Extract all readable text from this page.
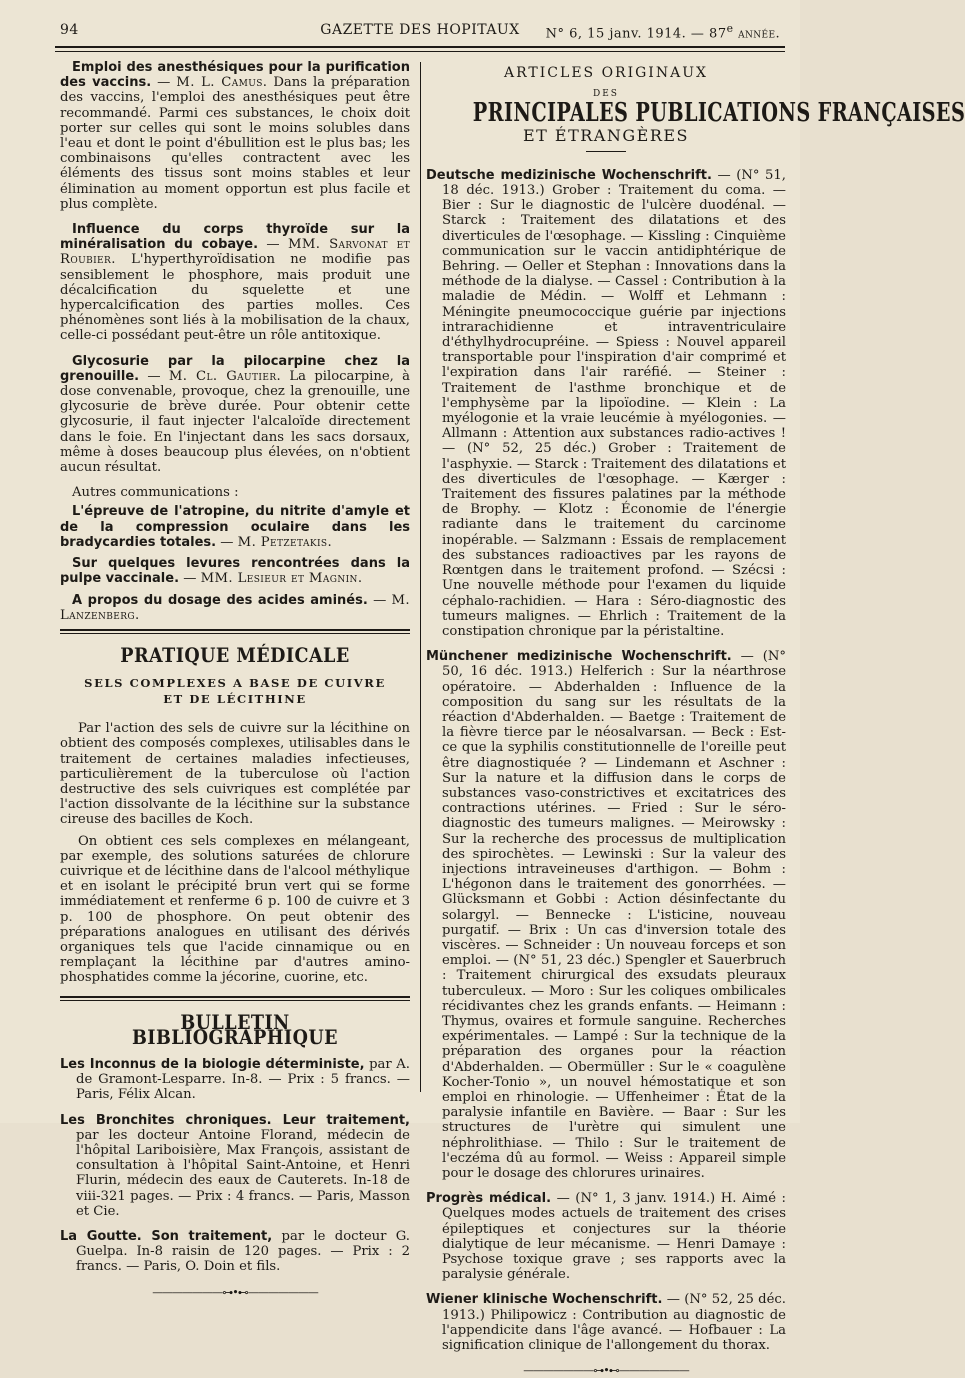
94	GAZETTE DES HOPITAUX	N° 6, 15 janv. 1914. — 87e année.

Emploi des anesthésiques pour la purification des vaccins. — M. L. Camus. Dans la préparation des vaccins, l'emploi des anesthésiques peut être recommandé. Parmi ces substances, le choix doit porter sur celles qui sont le moins solubles dans l'eau et dont le point d'ébullition est le plus bas; les combinaisons qu'elles contractent avec les éléments des tissus sont moins stables et leur élimination au moment opportun est plus facile et plus complète.

Influence du corps thyroïde sur la minéralisation du cobaye. — MM. Sarvonat et Roubier. L'hyperthyroïdisation ne modifie pas sensiblement le phosphore, mais produit une décalcification du squelette et une hypercalcification des parties molles. Ces phénomènes sont liés à la mobilisation de la chaux, celle-ci possédant peut-être un rôle antitoxique.

Glycosurie par la pilocarpine chez la grenouille. — M. Cl. Gautier. La pilocarpine, à dose convenable, provoque, chez la grenouille, une glycosurie de brève durée. Pour obtenir cette glycosurie, il faut injecter l'alcaloïde directement dans le foie. En l'injectant dans les sacs dorsaux, même à doses beaucoup plus élevées, on n'obtient aucun résultat.

Autres communications :

L'épreuve de l'atropine, du nitrite d'amyle et de la compression oculaire dans les bradycardies totales. — M. Petzetakis.

Sur quelques levures rencontrées dans la pulpe vaccinale. — MM. Lesieur et Magnin.

A propos du dosage des acides aminés. — M. Lanzenberg.

PRATIQUE MÉDICALE
SELS COMPLEXES A BASE DE CUIVRE
ET DE LÉCITHINE

Par l'action des sels de cuivre sur la lécithine on obtient des composés complexes, utilisables dans le traitement de certaines maladies infectieuses, particulièrement de la tuberculose où l'action destructive des sels cuivriques est complétée par l'action dissolvante de la lécithine sur la substance cireuse des bacilles de Koch.

On obtient ces sels complexes en mélangeant, par exemple, des solutions saturées de chlorure cuivrique et de lécithine dans de l'alcool méthylique et en isolant le précipité brun vert qui se forme immédiatement et renferme 6 p. 100 de cuivre et 3 p. 100 de phosphore. On peut obtenir des préparations analogues en utilisant des dérivés organiques tels que l'acide cinnamique ou en remplaçant la lécithine par d'autres amino-phosphatides comme la jécorine, cuorine, etc.

BULLETIN BIBLIOGRAPHIQUE

Les Inconnus de la biologie déterministe, par A. de Gramont-Lesparre. In-8. — Prix : 5 francs. — Paris, Félix Alcan.

Les Bronchites chroniques. Leur traitement, par les docteur Antoine Florand, médecin de l'hôpital Lariboisière, Max François, assistant de consultation à l'hôpital Saint-Antoine, et Henri Flurin, médecin des eaux de Cauterets. In-18 de viii-321 pages. — Prix : 4 francs. — Paris, Masson et Cie.

La Goutte. Son traitement, par le docteur G. Guelpa. In-8 raisin de 120 pages. — Prix : 2 francs. — Paris, O. Doin et fils.

———————⊶•⊷———————
ARTICLES ORIGINAUX
DES
PRINCIPALES PUBLICATIONS FRANÇAISES
ET ÉTRANGÈRES

Deutsche medizinische Wochenschrift. — (N° 51, 18 déc. 1913.) Grober : Traitement du coma. — Bier : Sur le diagnostic de l'ulcère duodénal. — Starck : Traitement des dilatations et des diverticules de l'œsophage. — Kissling : Cinquième communication sur le vaccin antidiphtérique de Behring. — Oeller et Stephan : Innovations dans la méthode de la dialyse. — Cassel : Contribution à la maladie de Médin. — Wolff et Lehmann : Méningite pneumococcique guérie par injections intrarachidienne et intraventriculaire d'éthylhydrocupréine. — Spiess : Nouvel appareil transportable pour l'inspiration d'air comprimé et l'expiration dans l'air raréfié. — Steiner : Traitement de l'asthme bronchique et de l'emphysème par la lipoïodine. — Klein : La myélogonie et la vraie leucémie à myélogonies. — Allmann : Attention aux substances radio-actives ! — (N° 52, 25 déc.) Grober : Traitement de l'asphyxie. — Starck : Traitement des dilatations et des diverticules de l'œsophage. — Kærger : Traitement des fissures palatines par la méthode de Brophy. — Klotz : Économie de l'énergie radiante dans le traitement du carcinome inopérable. — Salzmann : Essais de remplacement des substances radioactives par les rayons de Rœntgen dans le traitement profond. — Szécsi : Une nouvelle méthode pour l'examen du liquide céphalo-rachidien. — Hara : Séro-diagnostic des tumeurs malignes. — Ehrlich : Traitement de la constipation chronique par la péristaltine.

Münchener medizinische Wochenschrift. — (N° 50, 16 déc. 1913.) Helferich : Sur la néarthrose opératoire. — Abderhalden : Influence de la composition du sang sur les résultats de la réaction d'Abderhalden. — Baetge : Traitement de la fièvre tierce par le néosalvarsan. — Beck : Est-ce que la syphilis constitutionnelle de l'oreille peut être diagnostiquée ? — Lindemann et Aschner : Sur la nature et la diffusion dans le corps de substances vaso-constrictives et excitatrices des contractions utérines. — Fried : Sur le séro-diagnostic des tumeurs malignes. — Meirowsky : Sur la recherche des processus de multiplication des spirochètes. — Lewinski : Sur la valeur des injections intraveineuses d'arthigon. — Bohm : L'hégonon dans le traitement des gonorrhées. — Glücksmann et Gobbi : Action désinfectante du solargyl. — Bennecke : L'isticine, nouveau purgatif. — Brix : Un cas d'inversion totale des viscères. — Schneider : Un nouveau forceps et son emploi. — (N° 51, 23 déc.) Spengler et Sauerbruch : Traitement chirurgical des exsudats pleuraux tuberculeux. — Moro : Sur les coliques ombilicales récidivantes chez les grands enfants. — Heimann : Thymus, ovaires et formule sanguine. Recherches expérimentales. — Lampé : Sur la technique de la préparation des organes pour la réaction d'Abderhalden. — Obermüller : Sur le « coagulène Kocher-Tonio », un nouvel hémostatique et son emploi en rhinologie. — Uffenheimer : État de la paralysie infantile en Bavière. — Baar : Sur les structures de l'urètre qui simulent une néphrolithiase. — Thilo : Sur le traitement de l'eczéma dû au formol. — Weiss : Appareil simple pour le dosage des chlorures urinaires.

Progrès médical. — (N° 1, 3 janv. 1914.) H. Aimé : Quelques modes actuels de traitement des crises épileptiques et conjectures sur la théorie dialytique de leur mécanisme. — Henri Damaye : Psychose toxique grave ; ses rapports avec la paralysie générale.

Wiener klinische Wochenschrift. — (N° 52, 25 déc. 1913.) Philipowicz : Contribution au diagnostic de l'appendicite dans l'âge avancé. — Hofbauer : La signification clinique de l'allongement du thorax.

———————⊶•⊷———————
